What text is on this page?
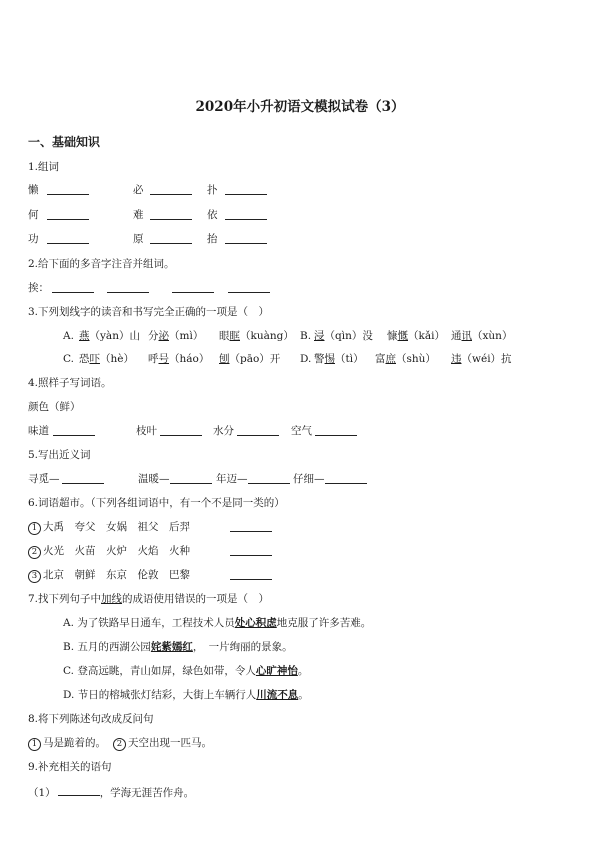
2020年小升初语文模拟试卷（3）
一、基础知识
1.组词
懒	必	扑
何	难	依
功	原	抬
2.给下面的多音字注音并组词。
挨：
3.下列划线字的读音和书写完全正确的一项是（　）
A. 燕（yàn）山 分泌（mì） 眼眶（kuàng） B. 浸（qìn）没 慷慨（kǎi） 通讯（xùn）
C. 恐吓（hè） 呼号（háo） 刨（pāo）开 D. 警惕（tì） 富庶（shù） 违（wéi）抗
4.照样子写词语。
颜色（鲜）
味道	枝叶	水分	空气
5.写出近义词
寻觅—	温暖—	年迈—	仔细—
6.词语超市。（下列各组词语中，有一个不是同一类的）
1 大禹　夸父　女娲　祖父　后羿
2 火光　火苗　火炉　火焰　火种
3 北京　朝鲜　东京　伦敦　巴黎
7.找下列句子中加线的成语使用错误的一项是（　）
A. 为了铁路早日通车，工程技术人员处心积虑地克服了许多苦难。
B. 五月的西湖公园姹紫嫣红，　一片绚丽的景象。
C. 登高远眺，青山如屏，绿色如带，令人心旷神怡。
D. 节日的榕城张灯结彩，大街上车辆行人川流不息。
8.将下列陈述句改成反问句
1 马是跪着的。 2 天空出现一匹马。
9.补充相关的语句
（1）	，学海无涯苦作舟。
